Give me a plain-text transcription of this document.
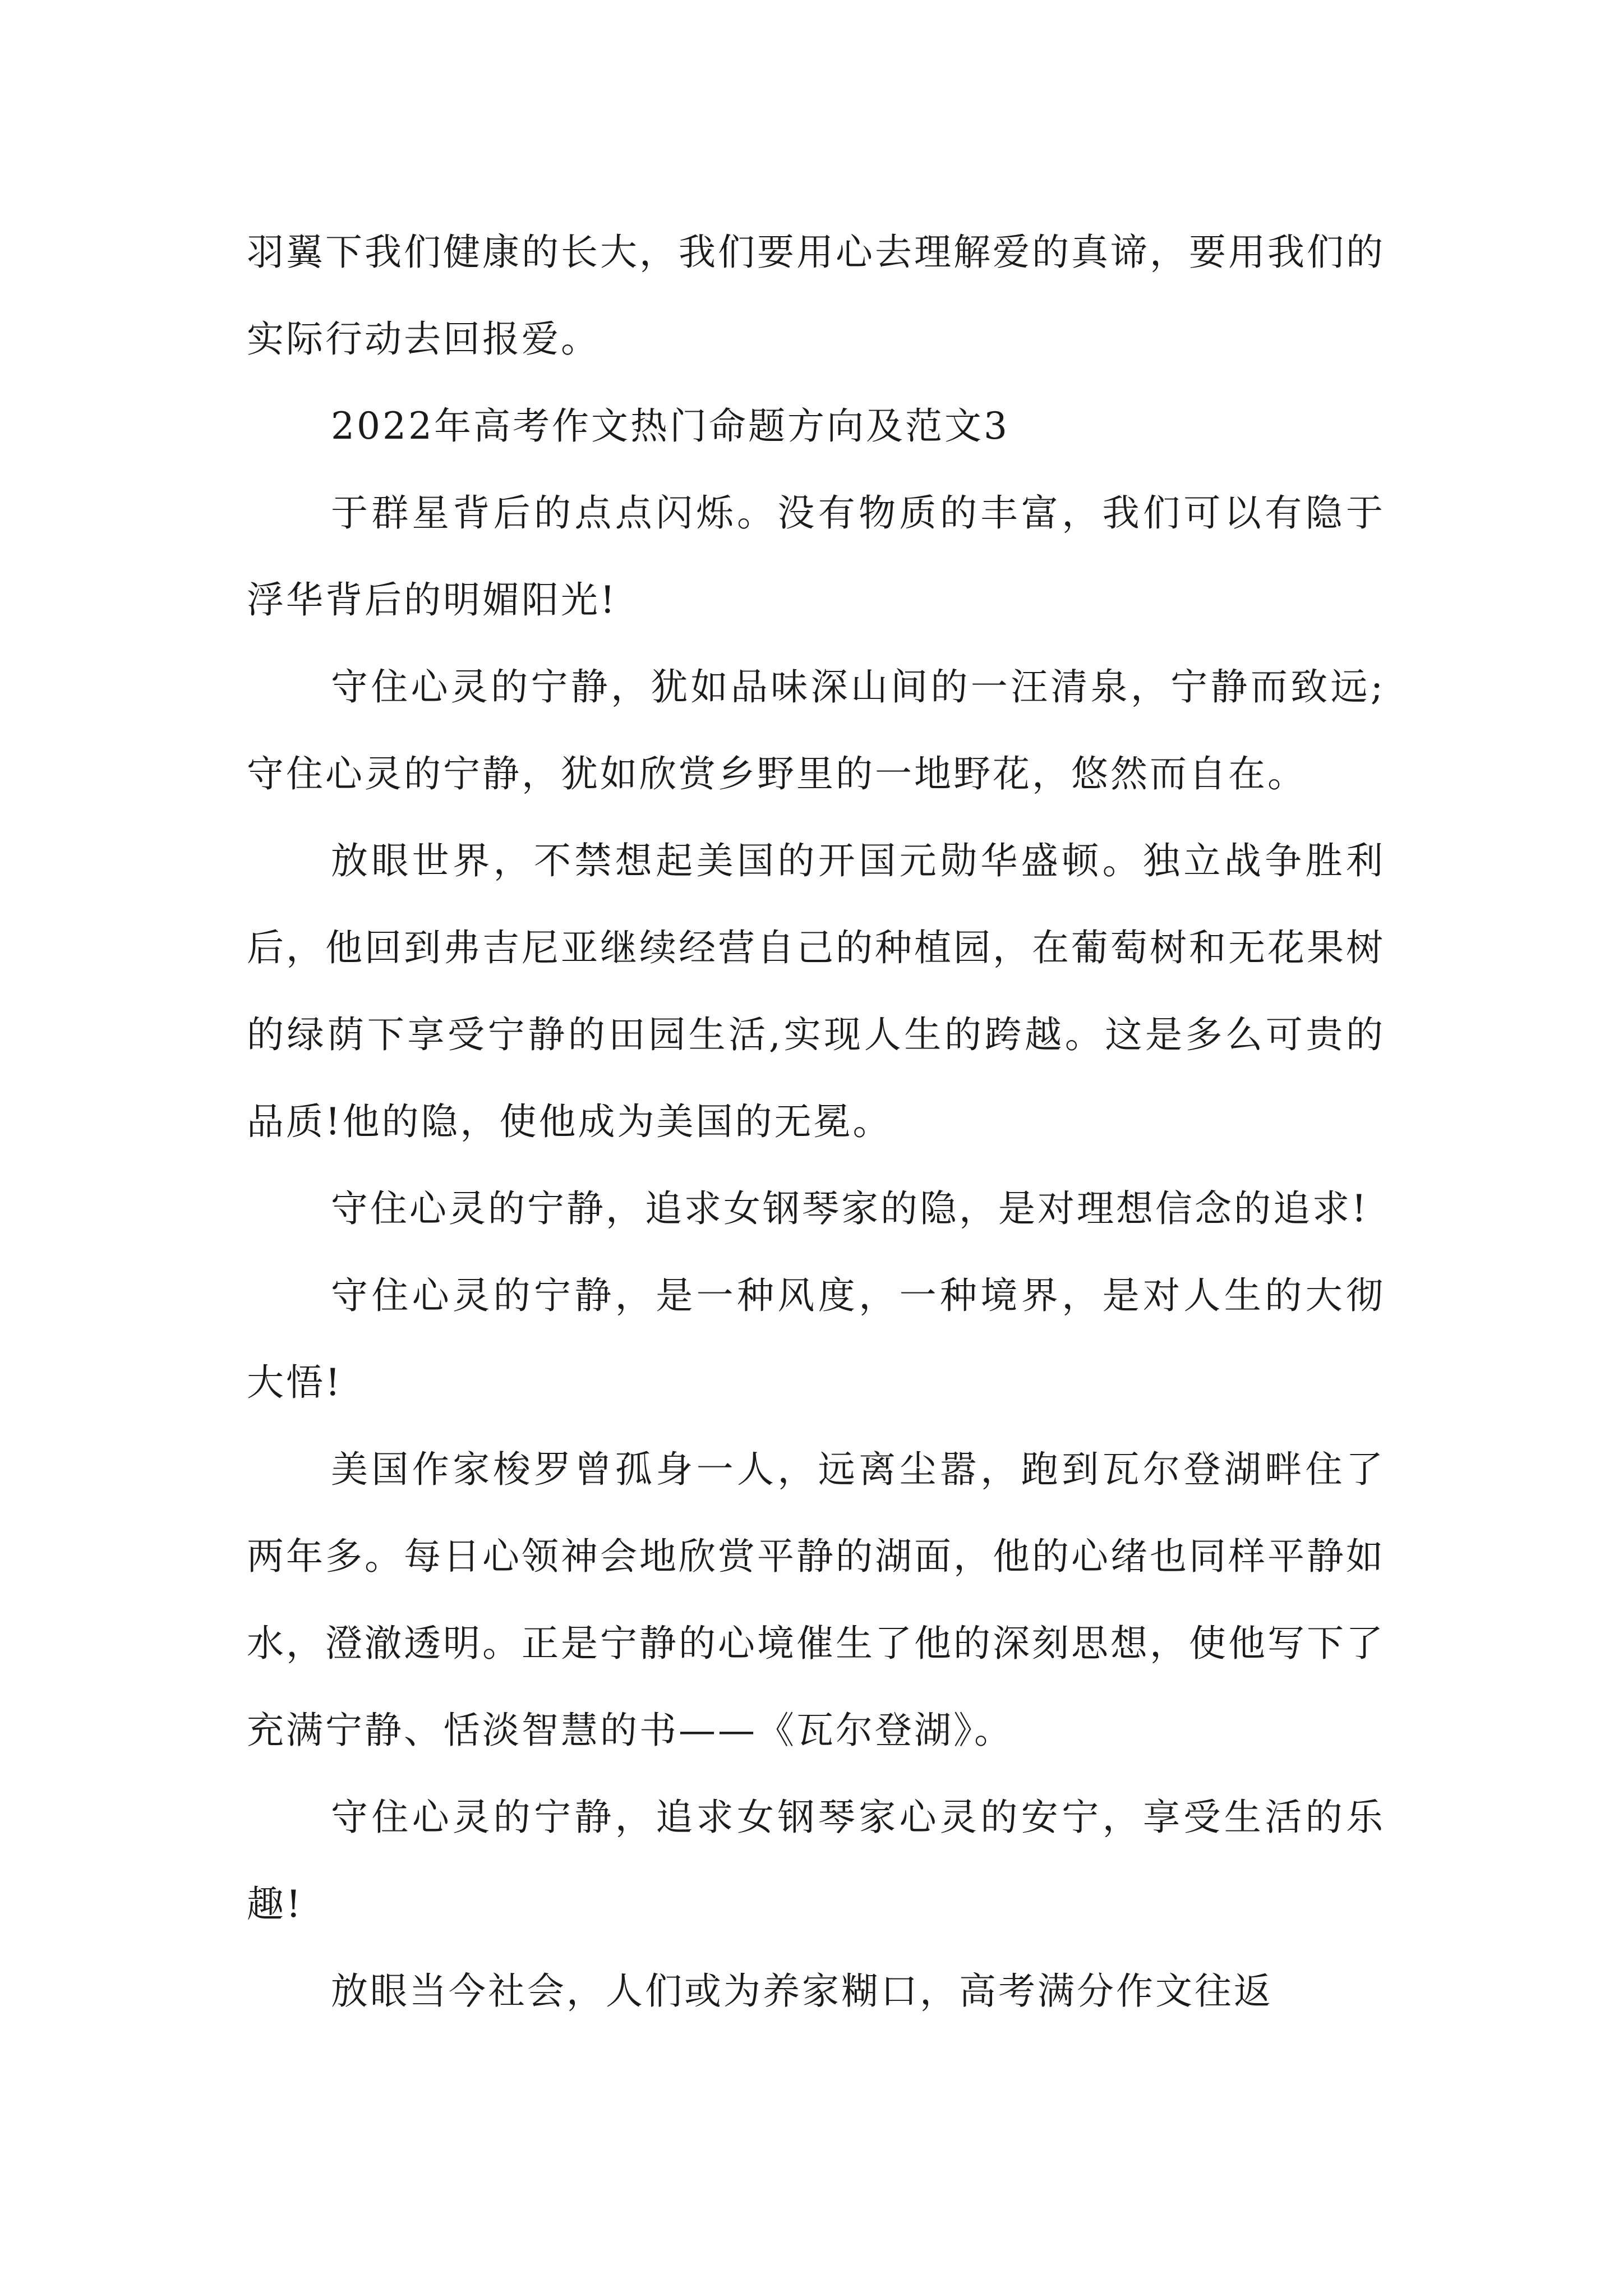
羽翼下我们健康的长大，我们要用心去理解爱的真谛，要用我们的实际行动去回报爱。

2022年高考作文热门命题方向及范文3

于群星背后的点点闪烁。没有物质的丰富，我们可以有隐于浮华背后的明媚阳光!

守住心灵的宁静，犹如品味深山间的一汪清泉，宁静而致远;守住心灵的宁静，犹如欣赏乡野里的一地野花，悠然而自在。

放眼世界，不禁想起美国的开国元勋华盛顿。独立战争胜利后，他回到弗吉尼亚继续经营自己的种植园，在葡萄树和无花果树的绿荫下享受宁静的田园生活,实现人生的跨越。这是多么可贵的品质!他的隐，使他成为美国的无冕。

守住心灵的宁静，追求女钢琴家的隐，是对理想信念的追求!

守住心灵的宁静，是一种风度，一种境界，是对人生的大彻大悟!

美国作家梭罗曾孤身一人，远离尘嚣，跑到瓦尔登湖畔住了两年多。每日心领神会地欣赏平静的湖面，他的心绪也同样平静如水，澄澈透明。正是宁静的心境催生了他的深刻思想，使他写下了充满宁静、恬淡智慧的书——《瓦尔登湖》。

守住心灵的宁静，追求女钢琴家心灵的安宁，享受生活的乐趣!

放眼当今社会，人们或为养家糊口，高考满分作文往返
